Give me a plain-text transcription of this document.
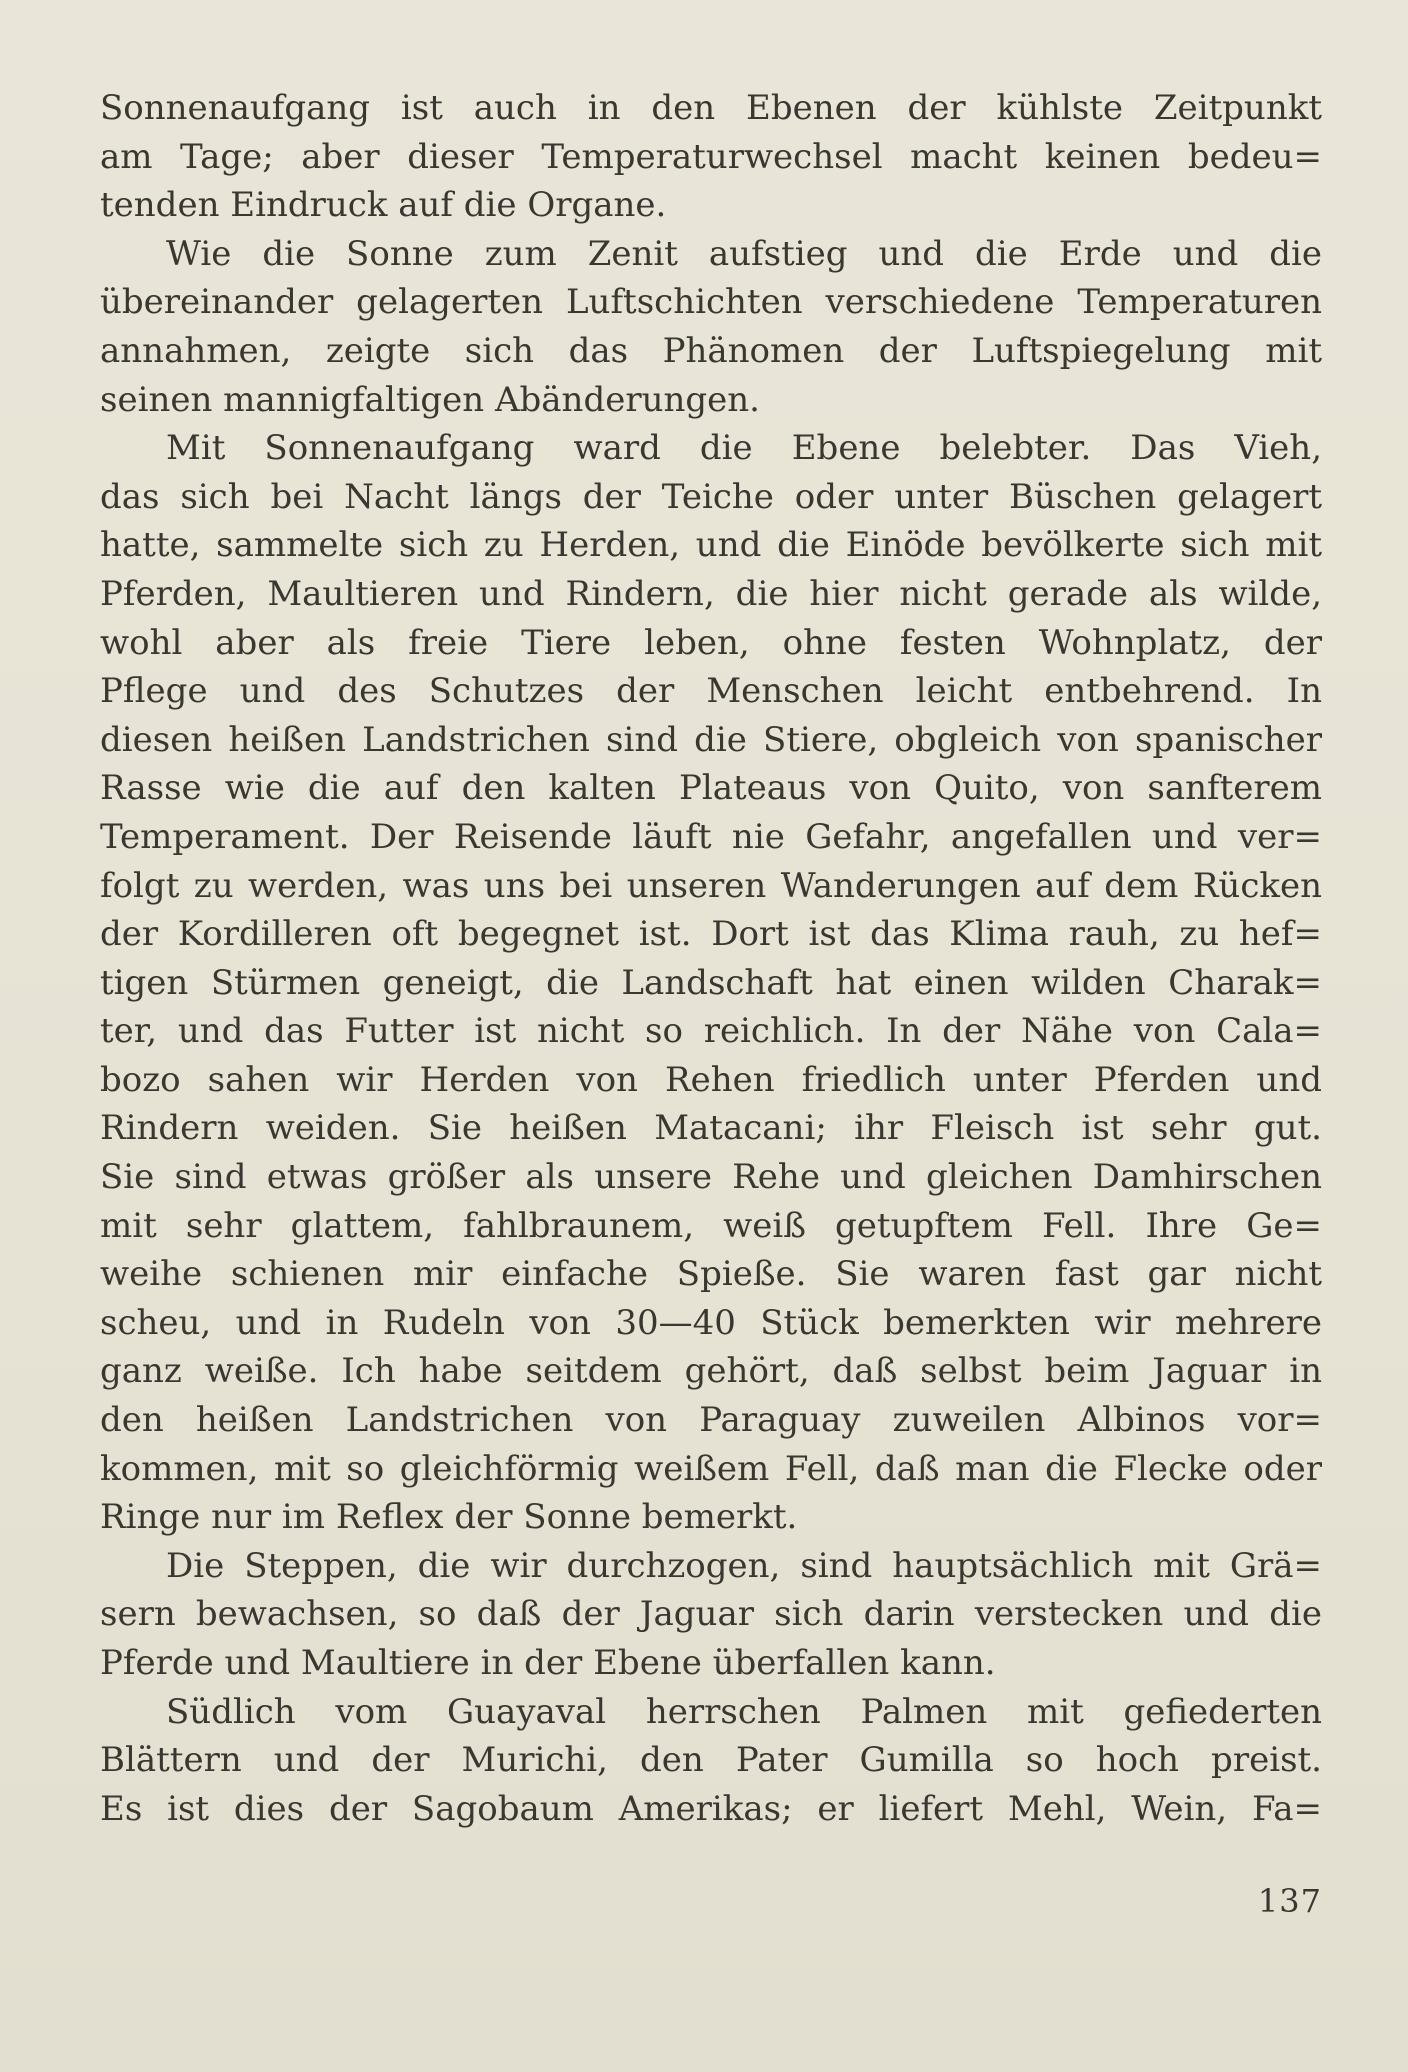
Sonnenaufgang ist auch in den Ebenen der kühlste Zeitpunkt
am Tage; aber dieser Temperaturwechsel macht keinen bedeu=
tenden Eindruck auf die Organe.
Wie die Sonne zum Zenit aufstieg und die Erde und die
übereinander gelagerten Luftschichten verschiedene Temperaturen
annahmen, zeigte sich das Phänomen der Luftspiegelung mit
seinen mannigfaltigen Abänderungen.
Mit Sonnenaufgang ward die Ebene belebter. Das Vieh,
das sich bei Nacht längs der Teiche oder unter Büschen gelagert
hatte, sammelte sich zu Herden, und die Einöde bevölkerte sich mit
Pferden, Maultieren und Rindern, die hier nicht gerade als wilde,
wohl aber als freie Tiere leben, ohne festen Wohnplatz, der
Pflege und des Schutzes der Menschen leicht entbehrend. In
diesen heißen Landstrichen sind die Stiere, obgleich von spanischer
Rasse wie die auf den kalten Plateaus von Quito, von sanfterem
Temperament. Der Reisende läuft nie Gefahr, angefallen und ver=
folgt zu werden, was uns bei unseren Wanderungen auf dem Rücken
der Kordilleren oft begegnet ist. Dort ist das Klima rauh, zu hef=
tigen Stürmen geneigt, die Landschaft hat einen wilden Charak=
ter, und das Futter ist nicht so reichlich. In der Nähe von Cala=
bozo sahen wir Herden von Rehen friedlich unter Pferden und
Rindern weiden. Sie heißen Matacani; ihr Fleisch ist sehr gut.
Sie sind etwas größer als unsere Rehe und gleichen Damhirschen
mit sehr glattem, fahlbraunem, weiß getupftem Fell. Ihre Ge=
weihe schienen mir einfache Spieße. Sie waren fast gar nicht
scheu, und in Rudeln von 30—40 Stück bemerkten wir mehrere
ganz weiße. Ich habe seitdem gehört, daß selbst beim Jaguar in
den heißen Landstrichen von Paraguay zuweilen Albinos vor=
kommen, mit so gleichförmig weißem Fell, daß man die Flecke oder
Ringe nur im Reflex der Sonne bemerkt.
Die Steppen, die wir durchzogen, sind hauptsächlich mit Grä=
sern bewachsen, so daß der Jaguar sich darin verstecken und die
Pferde und Maultiere in der Ebene überfallen kann.
Südlich vom Guayaval herrschen Palmen mit gefiederten
Blättern und der Murichi, den Pater Gumilla so hoch preist.
Es ist dies der Sagobaum Amerikas; er liefert Mehl, Wein, Fa=
137
